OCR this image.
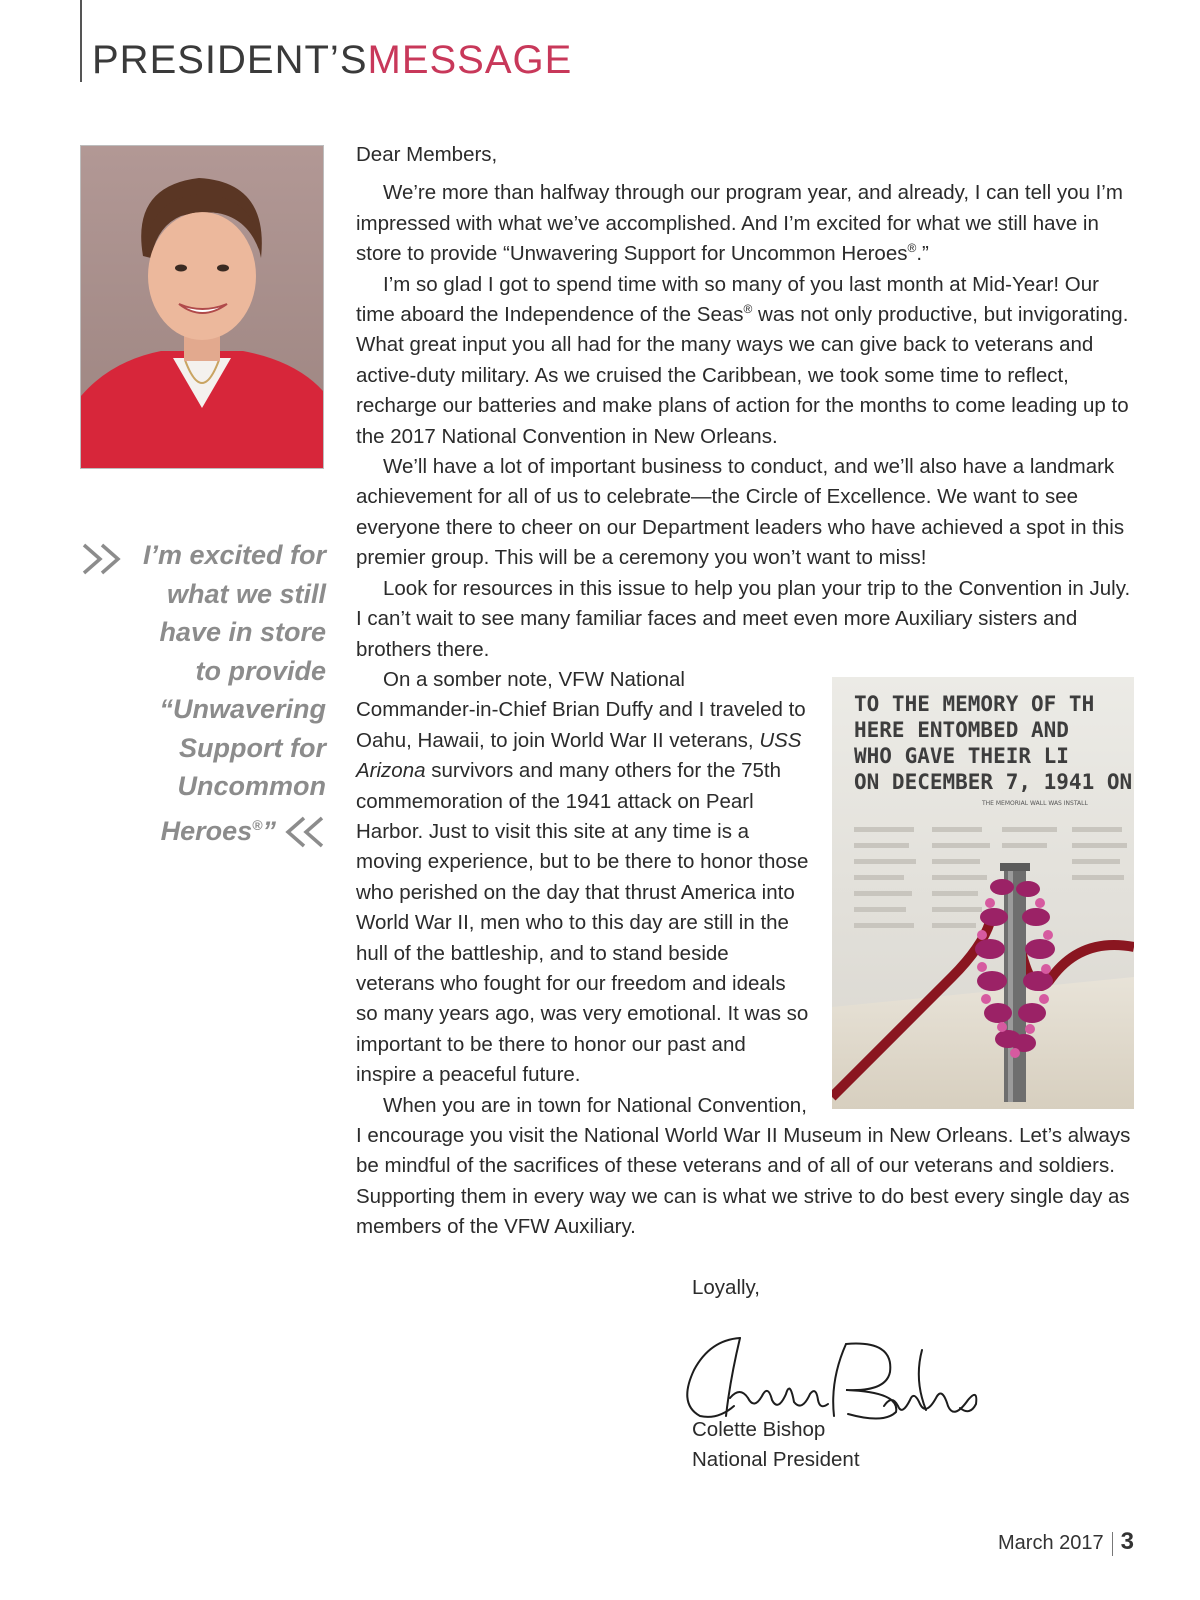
PRESIDENT’SMESSAGE
I’m excited for
what we still
have in store
to provide
“Unwavering
Support for
Uncommon
Heroes®”

Dear Members,

We’re more than halfway through our program year, and already, I can tell you I’m impressed with what we’ve accomplished. And I’m excited for what we still have in store to provide “Unwavering Support for Uncommon Heroes®.”

I’m so glad I got to spend time with so many of you last month at Mid-Year! Our time aboard the Independence of the Seas® was not only productive, but invigorating. What great input you all had for the many ways we can give back to veterans and active-duty military. As we cruised the Caribbean, we took some time to reflect, recharge our batteries and make plans of action for the months to come leading up to the 2017 National Convention in New Orleans.

We’ll have a lot of important business to conduct, and we’ll also have a landmark achievement for all of us to celebrate—the Circle of Excellence. We want to see everyone there to cheer on our Department leaders who have achieved a spot in this premier group. This will be a ceremony you won’t want to miss!

Look for resources in this issue to help you plan your trip to the Convention in July. I can’t wait to see many familiar faces and meet even more Auxiliary sisters and brothers there.

TO THE MEMORY OF TH
HERE ENTOMBED AND
WHO GAVE THEIR LI
ON DECEMBER 7, 1941 ON
THE MEMORIAL WALL WAS INSTALL

On a somber note, VFW National Commander-in-Chief Brian Duffy and I traveled to Oahu, Hawaii, to join World War II veterans, USS Arizona survivors and many others for the 75th commemoration of the 1941 attack on Pearl Harbor. Just to visit this site at any time is a moving experience, but to be there to honor those who perished on the day that thrust America into World War II, men who to this day are still in the hull of the battleship, and to stand beside veterans who fought for our freedom and ideals so many years ago, was very emotional. It was so important to be there to honor our past and inspire a peaceful future.

When you are in town for National Convention, I encourage you visit the National World War II Museum in New Orleans. Let’s always be mindful of the sacrifices of these veterans and of all of our veterans and soldiers. Supporting them in every way we can is what we strive to do best every single day as members of the VFW Auxiliary.

Loyally,
Colette Bishop
National President
March 2017 3
